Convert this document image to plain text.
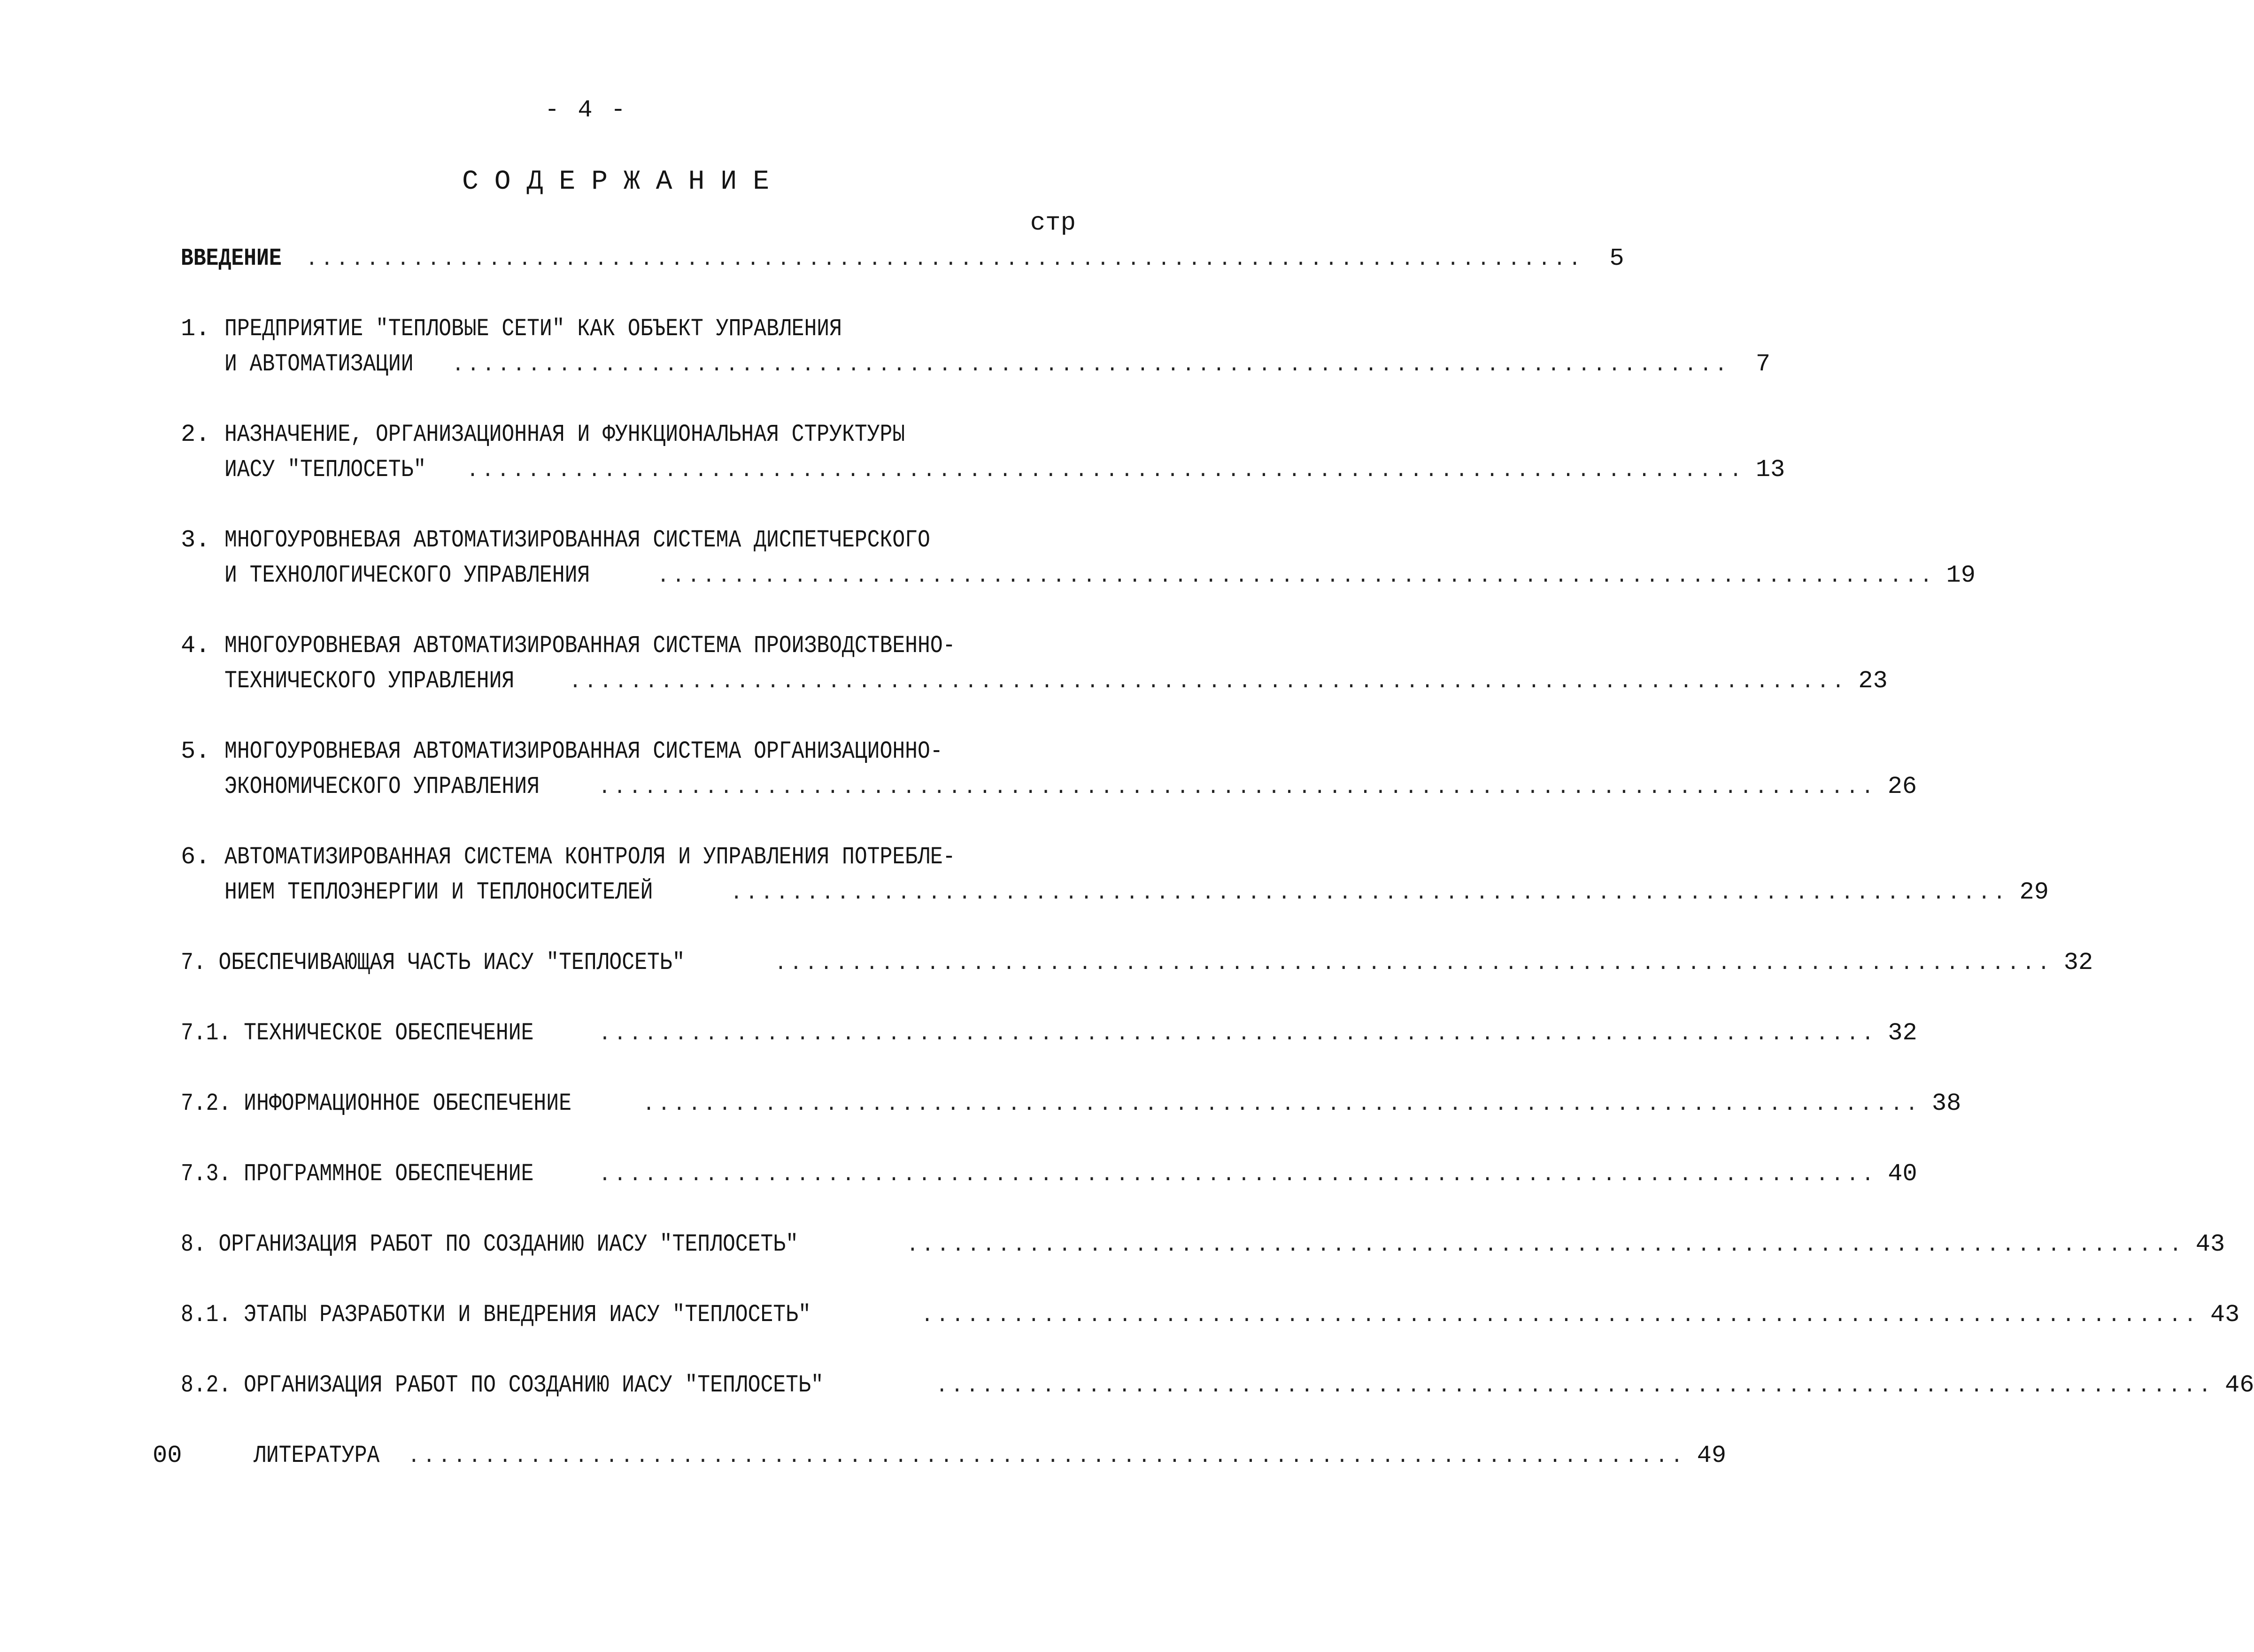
- 4 -
СОДЕРЖАНИЕ
стр
ВВЕДЕНИЕ ....................................................................................	5
1. ПРЕДПРИЯТИЕ "ТЕПЛОВЫЕ СЕТИ" КАК ОБЪЕКТ УПРАВЛЕНИЯ
И АВТОМАТИЗАЦИИ ....................................................................................	7
2. НАЗНАЧЕНИЕ, ОРГАНИЗАЦИОННАЯ И ФУНКЦИОНАЛЬНАЯ СТРУКТУРЫ
ИАСУ "ТЕПЛОСЕТЬ" .................................................................................... 13
3. МНОГОУРОВНЕВАЯ АВТОМАТИЗИРОВАННАЯ СИСТЕМА ДИСПЕТЧЕРСКОГО
И ТЕХНОЛОГИЧЕСКОГО УПРАВЛЕНИЯ	.................................................................................... 19
4. МНОГОУРОВНЕВАЯ АВТОМАТИЗИРОВАННАЯ СИСТЕМА ПРОИЗВОДСТВЕННО-
ТЕХНИЧЕСКОГО УПРАВЛЕНИЯ	.................................................................................... 23
5. МНОГОУРОВНЕВАЯ АВТОМАТИЗИРОВАННАЯ СИСТЕМА ОРГАНИЗАЦИОННО-
ЭКОНОМИЧЕСКОГО УПРАВЛЕНИЯ	.................................................................................... 26
6. АВТОМАТИЗИРОВАННАЯ СИСТЕМА КОНТРОЛЯ И УПРАВЛЕНИЯ ПОТРЕБЛЕ-
НИЕМ ТЕПЛОЭНЕРГИИ И ТЕПЛОНОСИТЕЛЕЙ	.................................................................................... 29
7. ОБЕСПЕЧИВАЮЩАЯ ЧАСТЬ ИАСУ "ТЕПЛОСЕТЬ"	.................................................................................... 32
7.1. ТЕХНИЧЕСКОЕ ОБЕСПЕЧЕНИЕ	.................................................................................... 32
7.2. ИНФОРМАЦИОННОЕ ОБЕСПЕЧЕНИЕ	.................................................................................... 38
7.3. ПРОГРАММНОЕ ОБЕСПЕЧЕНИЕ	.................................................................................... 40
8. ОРГАНИЗАЦИЯ РАБОТ ПО СОЗДАНИЮ ИАСУ "ТЕПЛОСЕТЬ"	.................................................................................... 43
8.1. ЭТАПЫ РАЗРАБОТКИ И ВНЕДРЕНИЯ ИАСУ "ТЕПЛОСЕТЬ"	.................................................................................... 43
8.2. ОРГАНИЗАЦИЯ РАБОТ ПО СОЗДАНИЮ ИАСУ "ТЕПЛОСЕТЬ"	.................................................................................... 46
00	ЛИТЕРАТУРА .................................................................................... 49
